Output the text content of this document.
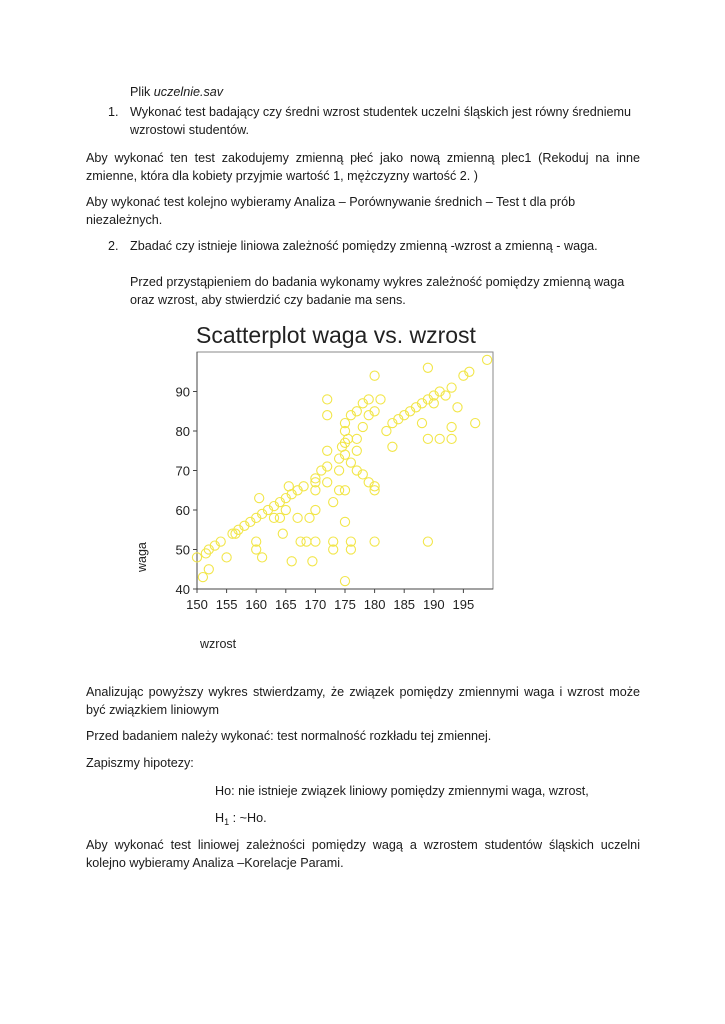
Plik uczelnie.sav

1. Wykonać test badający czy średni wzrost studentek uczelni śląskich jest równy średniemu wzrostowi studentów.

Aby wykonać ten test zakodujemy zmienną płeć jako nową zmienną plec1 (Rekoduj na inne zmienne, która dla kobiety przyjmie wartość 1, mężczyzny wartość 2. )

Aby wykonać test kolejno wybieramy Analiza – Porównywanie średnich – Test t dla prób niezależnych.

2. Zbadać czy istnieje liniowa zależność pomiędzy zmienną -wzrost a zmienną - waga.

Przed przystąpieniem do badania wykonamy wykres zależność pomiędzy zmienną waga oraz wzrost, aby stwierdzić czy badanie ma sens.

Scatterplot waga vs. wzrost
150 155 160 165 170 175 180 185 190 195
40
50
60
70
80
90
waga
wzrost

Analizując powyższy wykres stwierdzamy, że związek pomiędzy zmiennymi waga i wzrost może być związkiem liniowym

Przed badaniem należy wykonać: test normalność rozkładu tej zmiennej.

Zapiszmy hipotezy:

Ho: nie istnieje związek liniowy pomiędzy zmiennymi waga, wzrost,

$H_1$ : ~Ho.

Aby wykonać test liniowej zależności pomiędzy wagą a wzrostem studentów śląskich uczelni kolejno wybieramy Analiza –Korelacje Parami.
